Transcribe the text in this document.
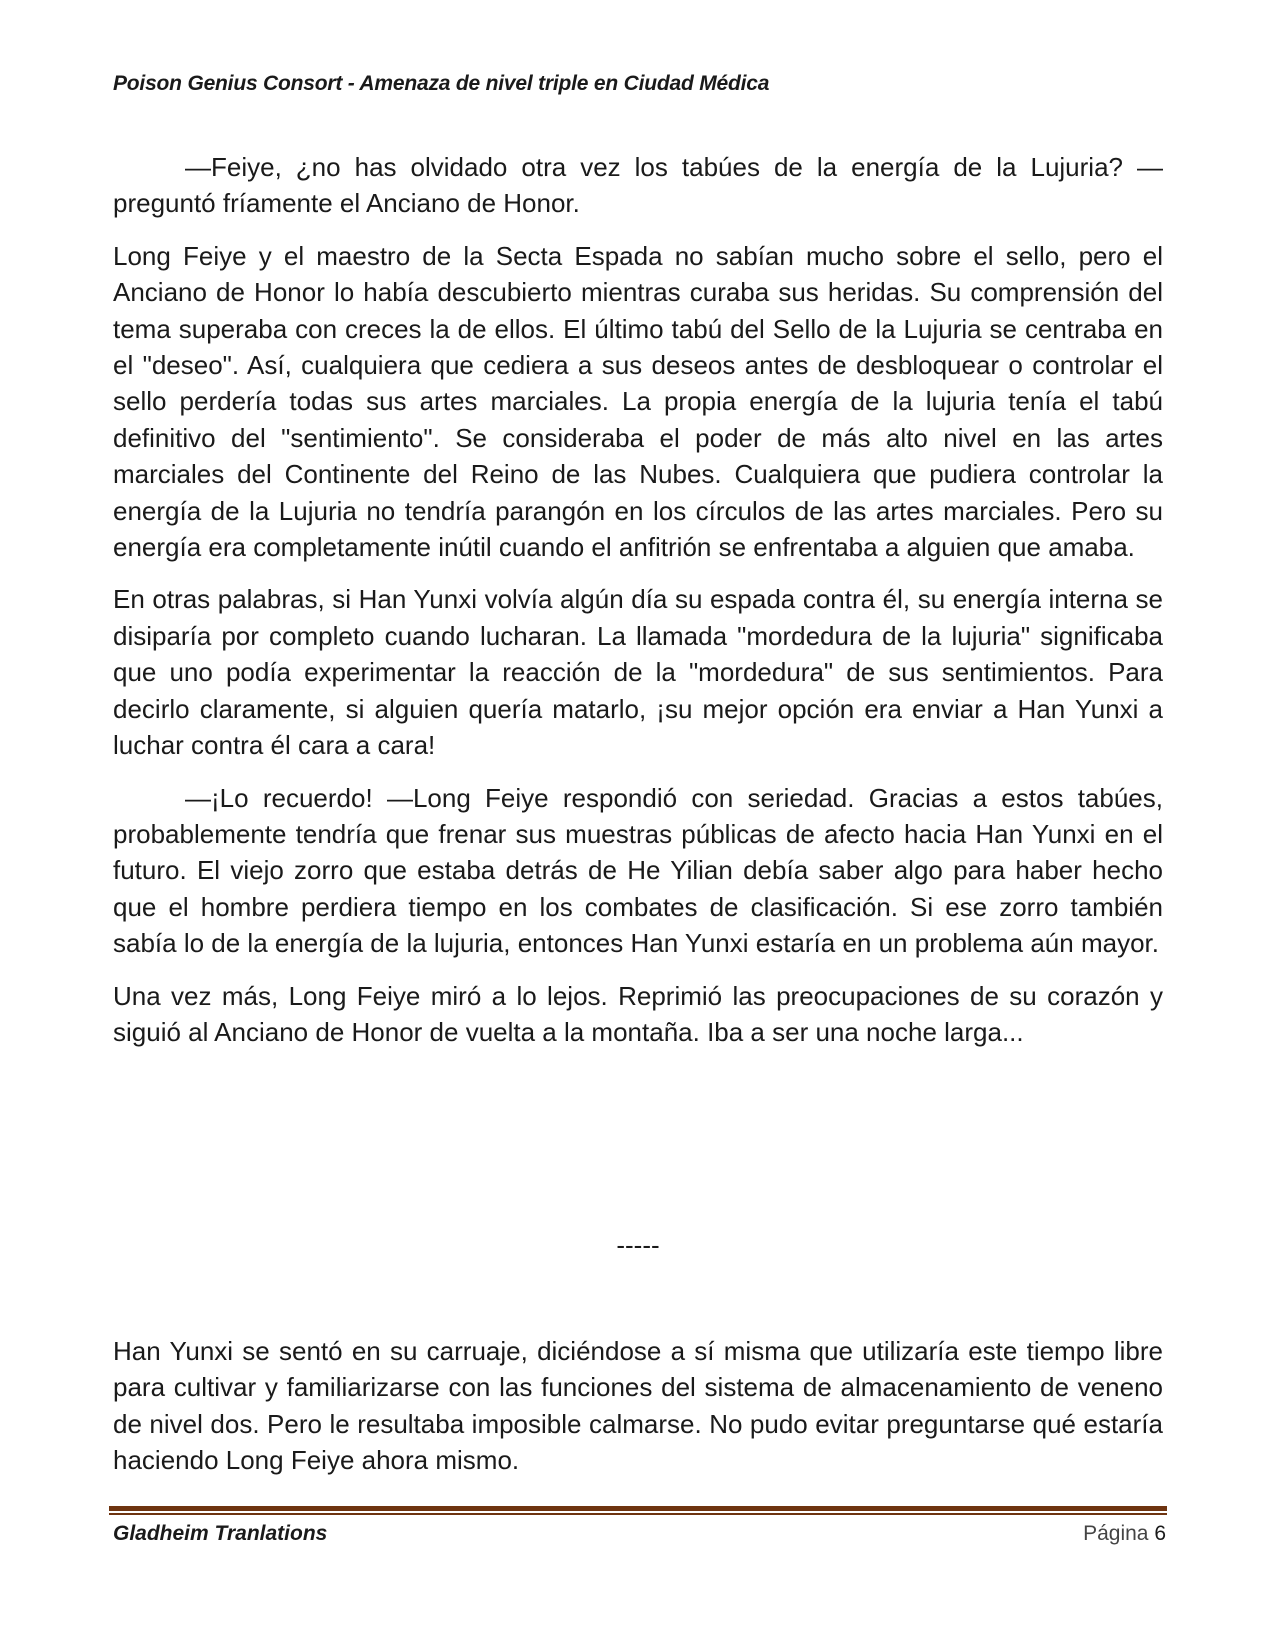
Poison Genius Consort - Amenaza de nivel triple en Ciudad Médica

—Feiye, ¿no has olvidado otra vez los tabúes de la energía de la Lujuria? —preguntó fríamente el Anciano de Honor.

Long Feiye y el maestro de la Secta Espada no sabían mucho sobre el sello, pero el Anciano de Honor lo había descubierto mientras curaba sus heridas. Su comprensión del tema superaba con creces la de ellos. El último tabú del Sello de la Lujuria se centraba en el "deseo". Así, cualquiera que cediera a sus deseos antes de desbloquear o controlar el sello perdería todas sus artes marciales. La propia energía de la lujuria tenía el tabú definitivo del "sentimiento". Se consideraba el poder de más alto nivel en las artes marciales del Continente del Reino de las Nubes. Cualquiera que pudiera controlar la energía de la Lujuria no tendría parangón en los círculos de las artes marciales. Pero su energía era completamente inútil cuando el anfitrión se enfrentaba a alguien que amaba.

En otras palabras, si Han Yunxi volvía algún día su espada contra él, su energía interna se disiparía por completo cuando lucharan. La llamada "mordedura de la lujuria" significaba que uno podía experimentar la reacción de la "mordedura" de sus sentimientos. Para decirlo claramente, si alguien quería matarlo, ¡su mejor opción era enviar a Han Yunxi a luchar contra él cara a cara!

—¡Lo recuerdo! —Long Feiye respondió con seriedad. Gracias a estos tabúes, probablemente tendría que frenar sus muestras públicas de afecto hacia Han Yunxi en el futuro. El viejo zorro que estaba detrás de He Yilian debía saber algo para haber hecho que el hombre perdiera tiempo en los combates de clasificación. Si ese zorro también sabía lo de la energía de la lujuria, entonces Han Yunxi estaría en un problema aún mayor.

Una vez más, Long Feiye miró a lo lejos. Reprimió las preocupaciones de su corazón y siguió al Anciano de Honor de vuelta a la montaña. Iba a ser una noche larga...

-----

Han Yunxi se sentó en su carruaje, diciéndose a sí misma que utilizaría este tiempo libre para cultivar y familiarizarse con las funciones del sistema de almacenamiento de veneno de nivel dos. Pero le resultaba imposible calmarse. No pudo evitar preguntarse qué estaría haciendo Long Feiye ahora mismo.

Gladheim Tranlations	Página 6
